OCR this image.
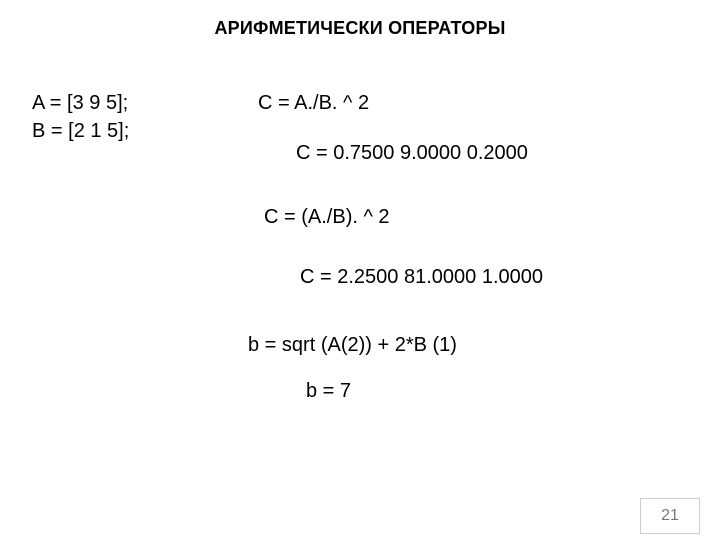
АРИФМЕТИЧЕСКИ ОПЕРАТОРЫ
A = [3 9 5];
B = [2 1 5];
C = A./B. ^ 2
C = 0.7500 9.0000 0.2000
C = (A./B). ^ 2
C = 2.2500 81.0000 1.0000
b = sqrt (A(2)) + 2*B (1)
b = 7
21
